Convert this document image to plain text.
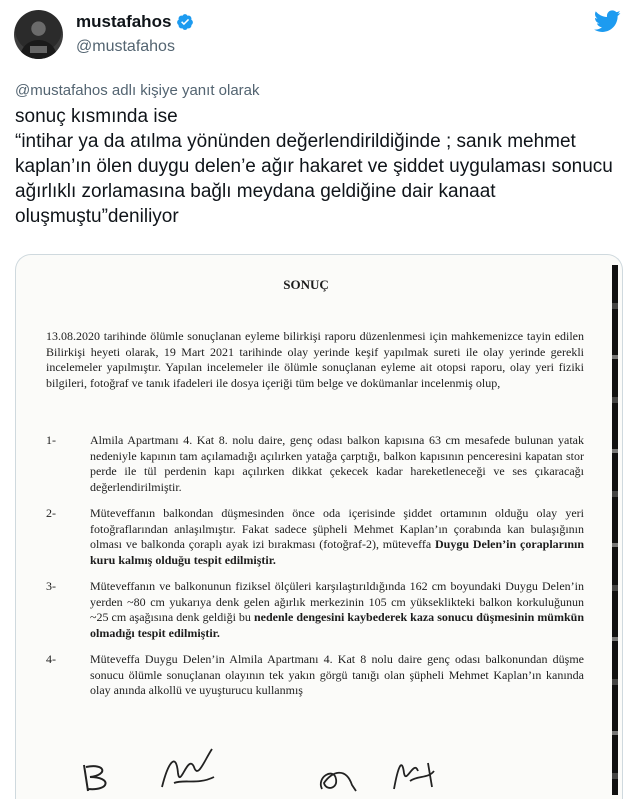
mustafahos
@mustafahos
@mustafahos adlı kişiye yanıt olarak

sonuç kısmında ise
“intihar ya da atılma yönünden değerlendirildiğinde ; sanık mehmet kaplan’ın ölen duygu delen’e ağır hakaret ve şiddet uygulaması sonucu ağırlıklı zorlamasına bağlı meydana geldiğine dair kanaat oluşmuştu”deniliyor

SONUÇ

13.08.2020 tarihinde ölümle sonuçlanan eyleme bilirkişi raporu düzenlenmesi için mahkemenizce tayin edilen Bilirkişi heyeti olarak, 19 Mart 2021 tarihinde olay yerinde keşif yapılmak sureti ile olay yerinde gerekli incelemeler yapılmıştır. Yapılan incelemeler ile ölümle sonuçlanan eyleme ait otopsi raporu, olay yeri fiziki bilgileri, fotoğraf ve tanık ifadeleri ile dosya içeriği tüm belge ve dokümanlar incelenmiş olup,

1-	Almila Apartmanı 4. Kat 8. nolu daire, genç odası balkon kapısına 63 cm mesafede bulunan yatak nedeniyle kapının tam açılamadığı açılırken yatağa çarptığı, balkon kapısının penceresini kapatan stor perde ile tül perdenin kapı açılırken dikkat çekecek kadar hareketleneceği ve ses çıkaracağı değerlendirilmiştir.
2-	Müteveffanın balkondan düşmesinden önce oda içerisinde şiddet ortamının olduğu olay yeri fotoğraflarından anlaşılmıştır. Fakat sadece şüpheli Mehmet Kaplan’ın çorabında kan bulaşığının olması ve balkonda çoraplı ayak izi bırakması (fotoğraf-2), müteveffa Duygu Delen’in çoraplarının kuru kalmış olduğu tespit edilmiştir.
3-	Müteveffanın ve balkonunun fiziksel ölçüleri karşılaştırıldığında 162 cm boyundaki Duygu Delen’in yerden ~80 cm yukarıya denk gelen ağırlık merkezinin 105 cm yükseklikteki balkon korkuluğunun ~25 cm aşağısına denk geldiği bu nedenle dengesini kaybederek kaza sonucu düşmesinin mümkün olmadığı tespit edilmiştir.
4-	Müteveffa Duygu Delen’in Almila Apartmanı 4. Kat 8 nolu daire genç odası balkonundan düşme sonucu ölümle sonuçlanan olayının tek yakın görgü tanığı olan şüpheli Mehmet Kaplan’ın kanında olay anında alkollü ve uyuşturucu kullanmış
